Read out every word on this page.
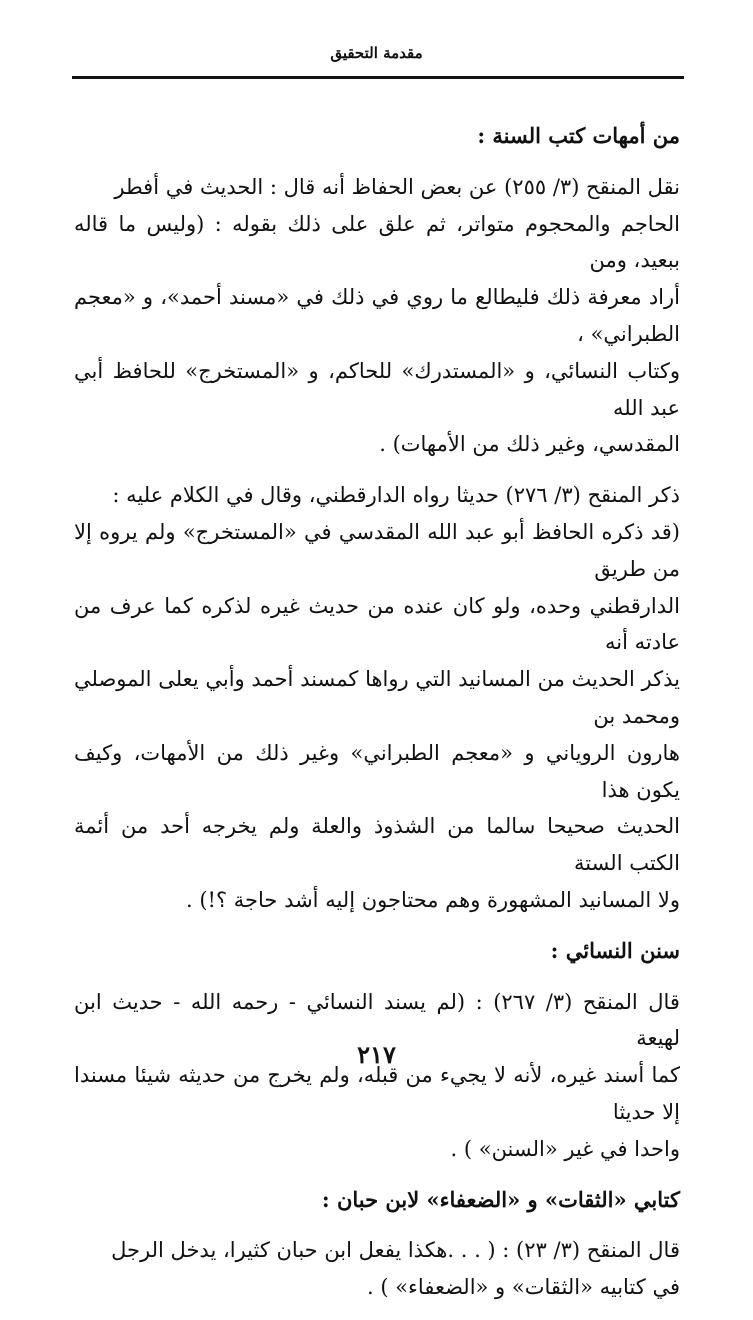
مقدمة التحقيق
من أمهات كتب السنة :

نقل المنقح (٣/ ٢٥٥) عن بعض الحفاظ أنه قال : الحديث في أفطر
الحاجم والمحجوم متواتر، ثم علق على ذلك بقوله : (وليس ما قاله ببعيد، ومن
أراد معرفة ذلك فليطالع ما روي في ذلك في «مسند أحمد»، و «معجم الطبراني» ،
وكتاب النسائي، و «المستدرك» للحاكم، و «المستخرج» للحافظ أبي عبد الله
المقدسي، وغير ذلك من الأمهات) .

ذكر المنقح (٣/ ٢٧٦) حديثا رواه الدارقطني، وقال في الكلام عليه :
(قد ذكره الحافظ أبو عبد الله المقدسي في «المستخرج» ولم يروه إلا من طريق
الدارقطني وحده، ولو كان عنده من حديث غيره لذكره كما عرف من عادته أنه
يذكر الحديث من المسانيد التي رواها كمسند أحمد وأبي يعلى الموصلي ومحمد بن
هارون الروياني و «معجم الطبراني» وغير ذلك من الأمهات، وكيف يكون هذا
الحديث صحيحا سالما من الشذوذ والعلة ولم يخرجه أحد من أئمة الكتب الستة
ولا المسانيد المشهورة وهم محتاجون إليه أشد حاجة ؟!) .

سنن النسائي :

قال المنقح (٣/ ٢٦٧) : (لم يسند النسائي - رحمه الله - حديث ابن لهيعة
كما أسند غيره، لأنه لا يجيء من قبله، ولم يخرج من حديثه شيئا مسندا إلا حديثا
واحدا في غير «السنن» ) .

كتابي «الثقات» و «الضعفاء» لابن حبان :

قال المنقح (٣/ ٢٣) : ( . . .هكذا يفعل ابن حبان كثيرا، يدخل الرجل
في كتابيه «الثقات» و «الضعفاء» ) .

٢١٧
